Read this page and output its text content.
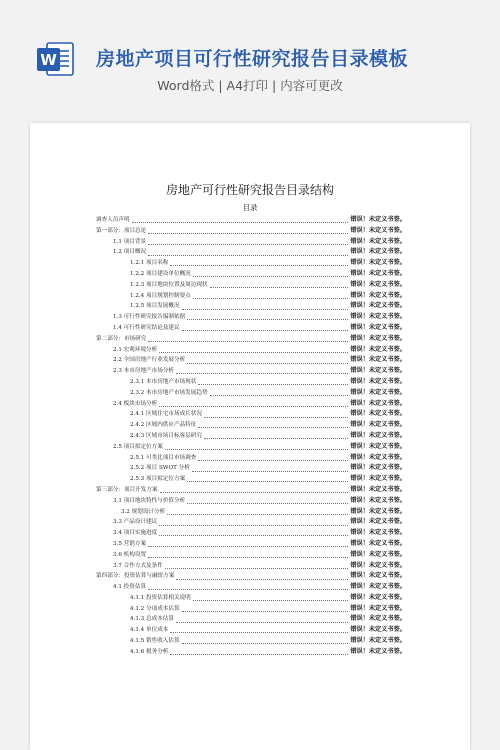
W 房地产项目可行性研究报告目录模板
Word格式 | A4打印 | 内容可更改
房地产可行性研究报告目录结构
目录
调查人员声明	错误！未定义书签。
第一部分：项目总论	错误！未定义书签。
1.1 项目背景	错误！未定义书签。
1.2 项目概况	错误！未定义书签。
1.2.1 项目名称	错误！未定义书签。
1.2.2 项目建设单位概况	错误！未定义书签。
1.2.3 项目地块位置及周边现状	错误！未定义书签。
1.2.4 项目规划控制要点	错误！未定义书签。
1.2.5 项目发展概况	错误！未定义书签。
1.3 可行性研究报告编制依据	错误！未定义书签。
1.4 可行性研究结论及建议	错误！未定义书签。
第二部分：市场研究	错误！未定义书签。
2.1 宏观环境分析	错误！未定义书签。
2.2 全国房地产行业发展分析	错误！未定义书签。
2.3 本市房地产市场分析	错误！未定义书签。
2.3.1 本市房地产市场现状	错误！未定义书签。
2.3.2 本市房地产市场发展趋势	错误！未定义书签。
2.4 板块市场分析	错误！未定义书签。
2.4.1 区域住宅市场成长状况	错误！未定义书签。
2.4.2 区域内供应产品特征	错误！未定义书签。
2.4.3 区域市场目标客层研究	错误！未定义书签。
2.5 项目拟定位方案	错误！未定义书签。
2.5.1 可类比项目市场调查	错误！未定义书签。
2.5.2 项目 SWOT 分析	错误！未定义书签。
2.5.3 项目拟定位方案	错误！未定义书签。
第三部分：项目开发方案	错误！未定义书签。
3.1 项目地块特性与价值分析	错误！未定义书签。
3.2 规划设计分析	错误！未定义书签。
3.3 产品设计建议	错误！未定义书签。
3.4 项目实施进度	错误！未定义书签。
3.5 营销方案	错误！未定义书签。
3.6 机构设置	错误！未定义书签。
3.7 合作方式及条件	错误！未定义书签。
第四部分：投资估算与融资方案	错误！未定义书签。
4.1 投资估算	错误！未定义书签。
4.1.1 投资估算相关说明	错误！未定义书签。
4.1.2 分项成本估算	错误！未定义书签。
4.1.3 总成本估算	错误！未定义书签。
4.1.4 单位成本	错误！未定义书签。
4.1.5 销售收入估算	错误！未定义书签。
4.1.6 税务分析	错误！未定义书签。
